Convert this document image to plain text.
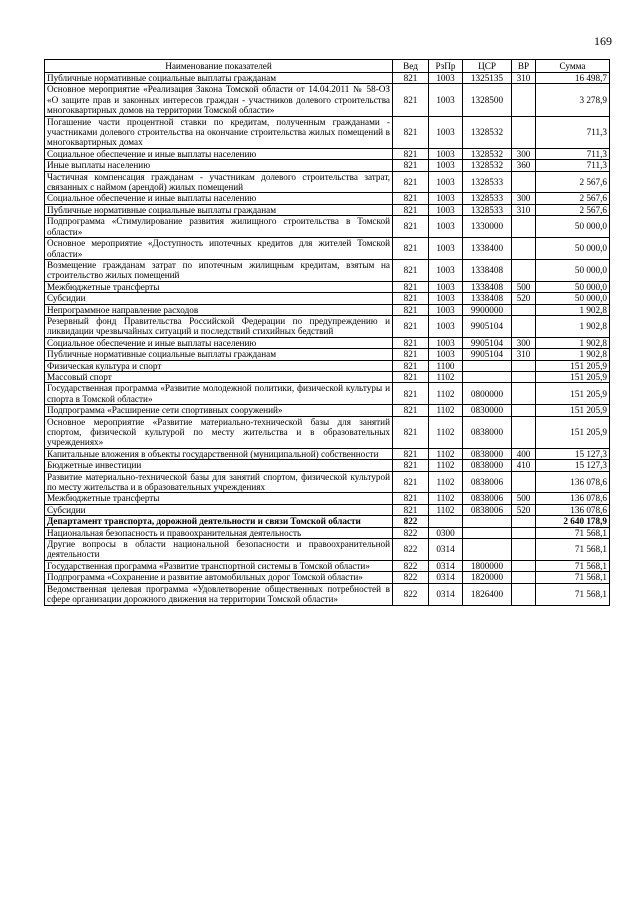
169
Наименование показателей	Вед	РзПр	ЦСР	ВР	Сумма
Публичные нормативные социальные выплаты гражданам	821	1003	1325135	310	16 498,7
Основное мероприятие «Реализация Закона Томской области от 14.04.2011 № 58-ОЗ «О защите прав и законных интересов граждан - участников долевого строительства многоквартирных домов на территории Томской области»	821	1003	1328500		3 278,9
Погашение части процентной ставки по кредитам, полученным гражданами - участниками долевого строительства на окончание строительства жилых помещений в многоквартирных домах	821	1003	1328532		711,3
Социальное обеспечение и иные выплаты населению	821	1003	1328532	300	711,3
Иные выплаты населению	821	1003	1328532	360	711,3
Частичная компенсация гражданам - участникам долевого строительства затрат, связанных с наймом (арендой) жилых помещений	821	1003	1328533		2 567,6
Социальное обеспечение и иные выплаты населению	821	1003	1328533	300	2 567,6
Публичные нормативные социальные выплаты гражданам	821	1003	1328533	310	2 567,6
Подпрограмма «Стимулирование развития жилищного строительства в Томской области»	821	1003	1330000		50 000,0
Основное мероприятие «Доступность ипотечных кредитов для жителей Томской области»	821	1003	1338400		50 000,0
Возмещение гражданам затрат по ипотечным жилищным кредитам, взятым на строительство жилых помещений	821	1003	1338408		50 000,0
Межбюджетные трансферты	821	1003	1338408	500	50 000,0
Субсидии	821	1003	1338408	520	50 000,0
Непрограммное направление расходов	821	1003	9900000		1 902,8
Резервный фонд Правительства Российской Федерации по предупреждению и ликвидации чрезвычайных ситуаций и последствий стихийных бедствий	821	1003	9905104		1 902,8
Социальное обеспечение и иные выплаты населению	821	1003	9905104	300	1 902,8
Публичные нормативные социальные выплаты гражданам	821	1003	9905104	310	1 902,8
Физическая культура и спорт	821	1100			151 205,9
Массовый спорт	821	1102			151 205,9
Государственная программа «Развитие молодежной политики, физической культуры и спорта в Томской области»	821	1102	0800000		151 205,9
Подпрограмма «Расширение сети спортивных сооружений»	821	1102	0830000		151 205,9
Основное мероприятие «Развитие материально-технической базы для занятий спортом, физической культурой по месту жительства и в образовательных учреждениях»	821	1102	0838000		151 205,9
Капитальные вложения в объекты государственной (муниципальной) собственности	821	1102	0838000	400	15 127,3
Бюджетные инвестиции	821	1102	0838000	410	15 127,3
Развитие материально-технической базы для занятий спортом, физической культурой по месту жительства и в образовательных учреждениях	821	1102	0838006		136 078,6
Межбюджетные трансферты	821	1102	0838006	500	136 078,6
Субсидии	821	1102	0838006	520	136 078,6
Департамент транспорта, дорожной деятельности и связи Томской области	822				2 640 178,9
Национальная безопасность и правоохранительная деятельность	822	0300			71 568,1
Другие вопросы в области национальной безопасности и правоохранительной деятельности	822	0314			71 568,1
Государственная программа «Развитие транспортной системы в Томской области»	822	0314	1800000		71 568,1
Подпрограмма «Сохранение и развитие автомобильных дорог Томской области»	822	0314	1820000		71 568,1
Ведомственная целевая программа «Удовлетворение общественных потребностей в сфере организации дорожного движения на территории Томской области»	822	0314	1826400		71 568,1
